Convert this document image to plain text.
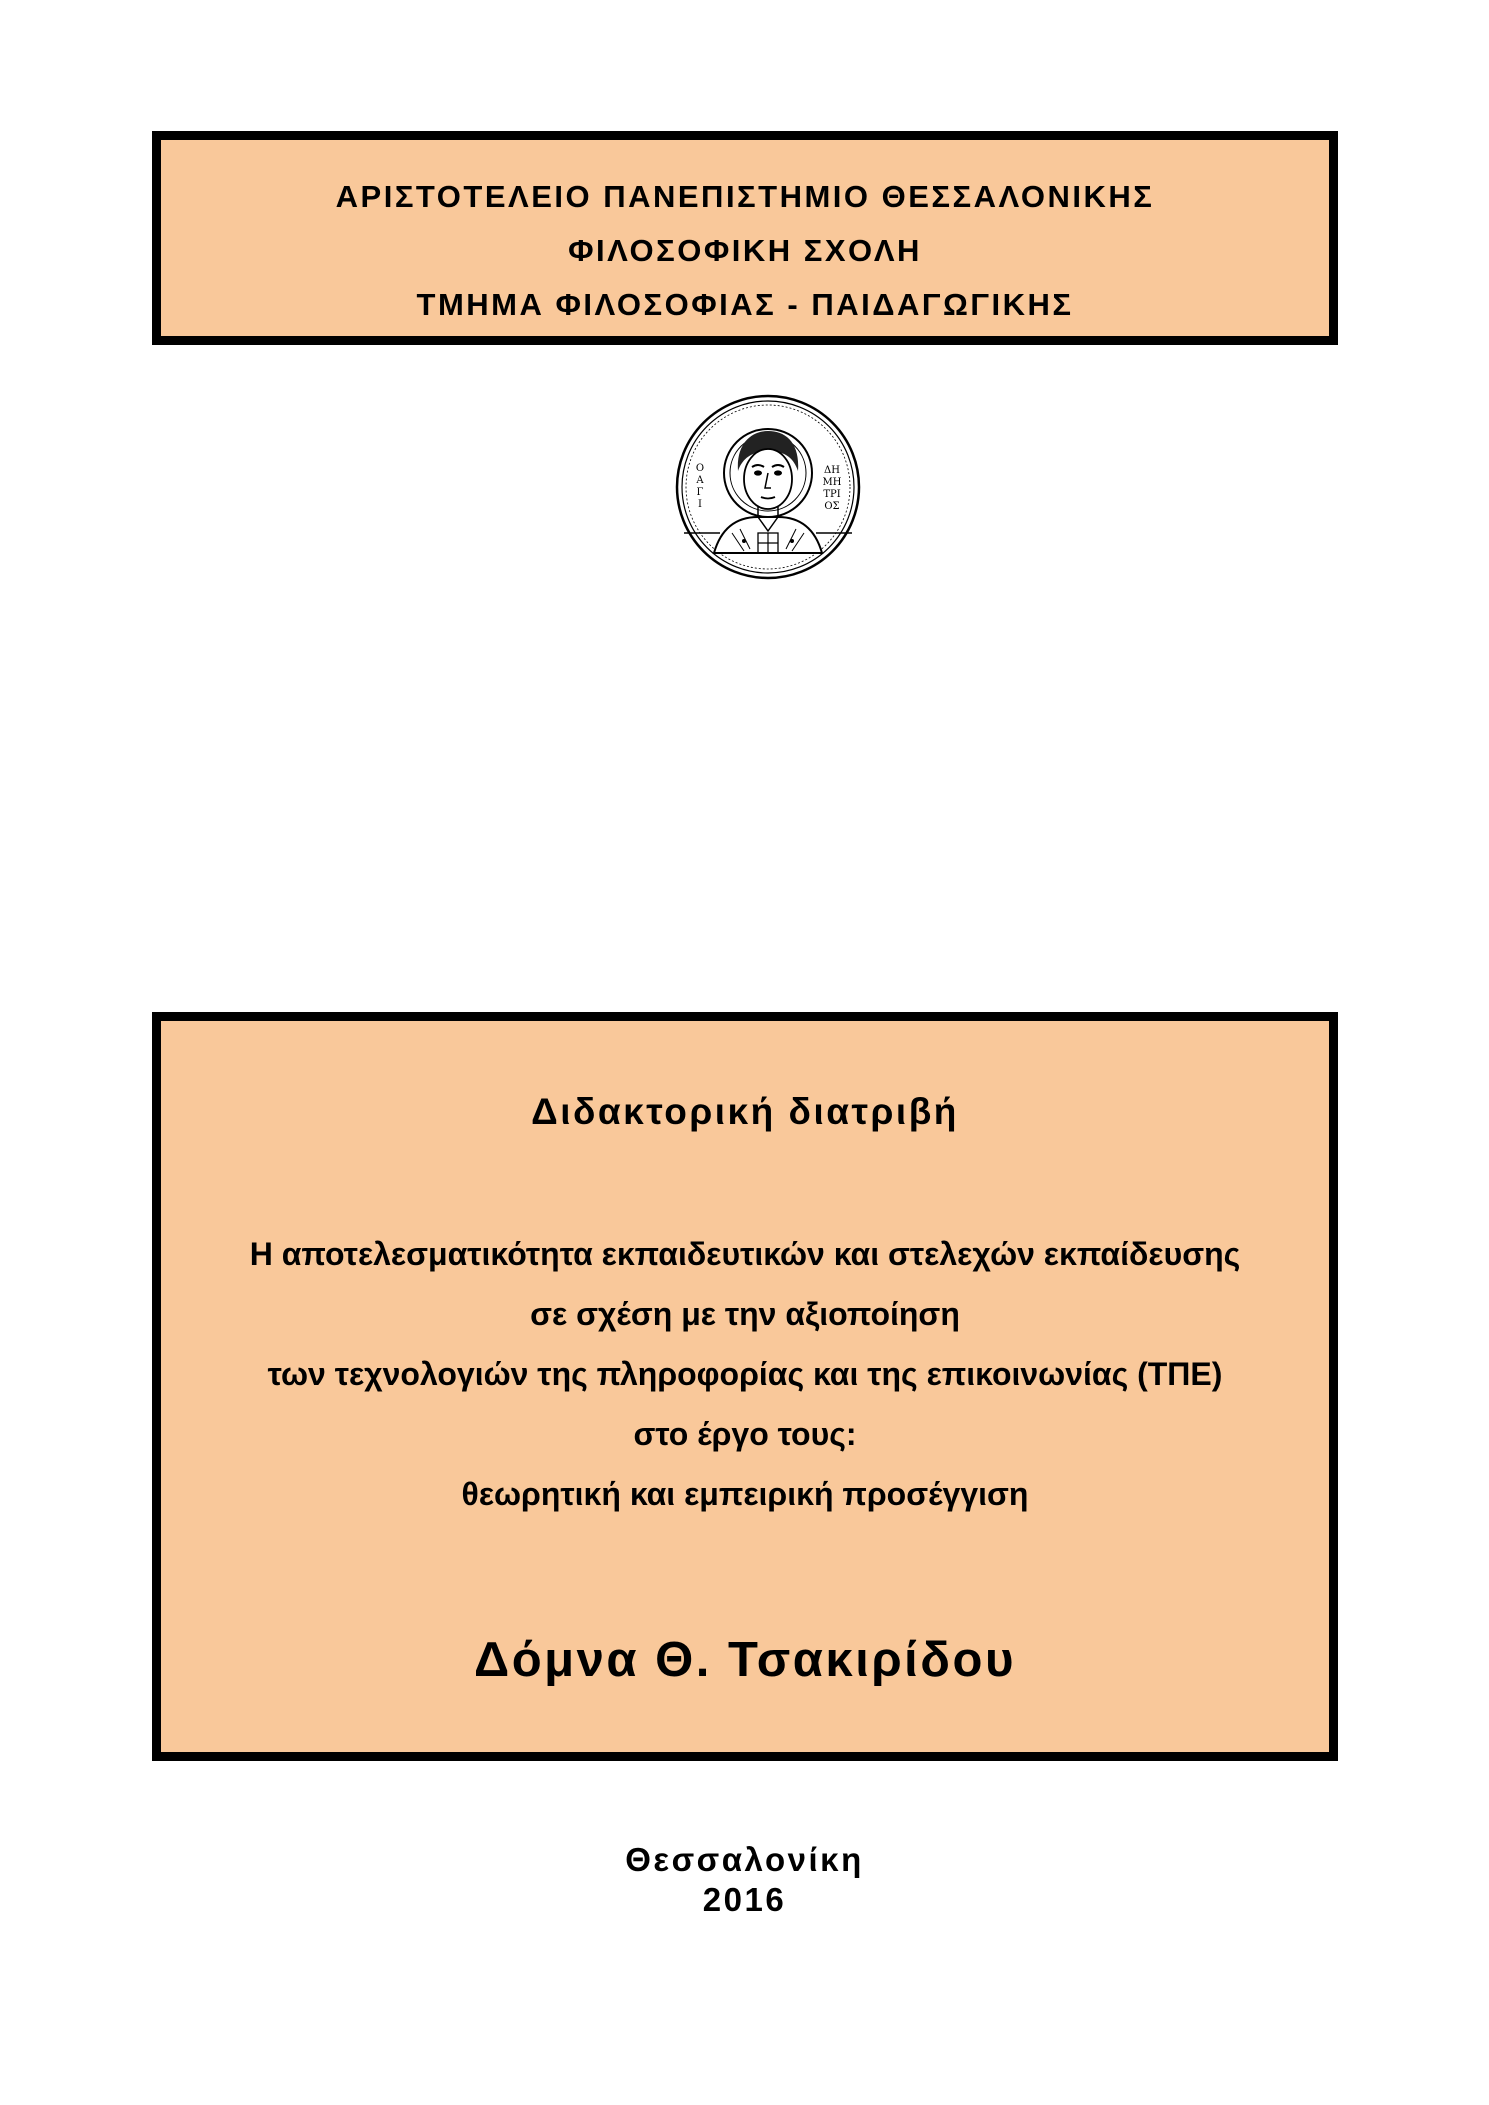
ΑΡΙΣΤΟΤΕΛΕΙΟ ΠΑΝΕΠΙΣΤΗΜΙΟ ΘΕΣΣΑΛΟΝΙΚΗΣ
ΦΙΛΟΣΟΦΙΚΗ ΣΧΟΛΗ
ΤΜΗΜΑ ΦΙΛΟΣΟΦΙΑΣ - ΠΑΙΔΑΓΩΓΙΚΗΣ
Ο
Α
Γ
Ι
ΔΗ
ΜΗ
ΤΡΙ
ΟΣ
Διδακτορική διατριβή
Η αποτελεσματικότητα εκπαιδευτικών και στελεχών εκπαίδευσης
σε σχέση με την αξιοποίηση
των τεχνολογιών της πληροφορίας και της επικοινωνίας (ΤΠΕ)
στο έργο τους:
θεωρητική και εμπειρική προσέγγιση
Δόμνα Θ. Τσακιρίδου
Θεσσαλονίκη
2016
